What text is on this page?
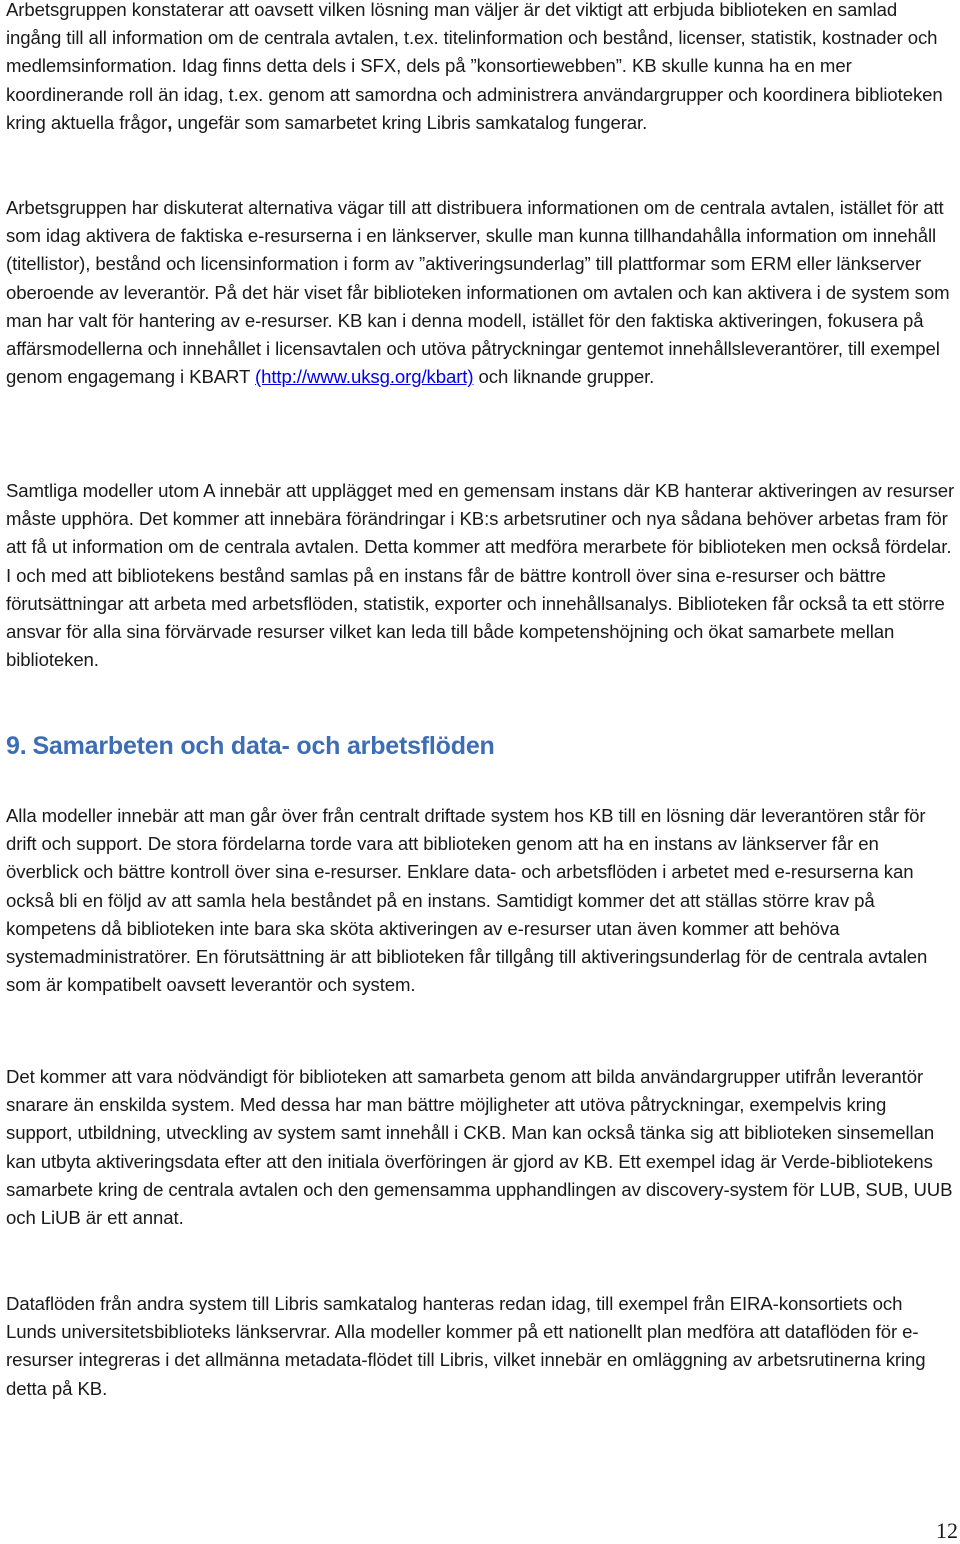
Arbetsgruppen konstaterar att oavsett vilken lösning man väljer är det viktigt att erbjuda biblioteken en samlad ingång till all information om de centrala avtalen, t.ex. titelinformation och bestånd, licenser, statistik, kostnader och medlemsinformation. Idag finns detta dels i SFX, dels på ”konsortiewebben”. KB skulle kunna ha en mer koordinerande roll än idag, t.ex. genom att samordna och administrera användargrupper och koordinera biblioteken kring aktuella frågor, ungefär som samarbetet kring Libris samkatalog fungerar.

Arbetsgruppen har diskuterat alternativa vägar till att distribuera informationen om de centrala avtalen, istället för att som idag aktivera de faktiska e-resurserna i en länkserver, skulle man kunna tillhandahålla information om innehåll (titellistor), bestånd och licensinformation i form av ”aktiveringsunderlag” till plattformar som ERM eller länkserver oberoende av leverantör. På det här viset får biblioteken informationen om avtalen och kan aktivera i de system som man har valt för hantering av e-resurser. KB kan i denna modell, istället för den faktiska aktiveringen, fokusera på affärsmodellerna och innehållet i licensavtalen och utöva påtryckningar gentemot innehållsleverantörer, till exempel genom engagemang i KBART (http://www.uksg.org/kbart) och liknande grupper.

Samtliga modeller utom A innebär att upplägget med en gemensam instans där KB hanterar aktiveringen av resurser måste upphöra. Det kommer att innebära förändringar i KB:s arbetsrutiner och nya sådana behöver arbetas fram för att få ut information om de centrala avtalen. Detta kommer att medföra merarbete för biblioteken men också fördelar. I och med att bibliotekens bestånd samlas på en instans får de bättre kontroll över sina e-resurser och bättre förutsättningar att arbeta med arbetsflöden, statistik, exporter och innehållsanalys. Biblioteken får också ta ett större ansvar för alla sina förvärvade resurser vilket kan leda till både kompetenshöjning och ökat samarbete mellan biblioteken.

9. Samarbeten och data- och arbetsflöden

Alla modeller innebär att man går över från centralt driftade system hos KB till en lösning där leverantören står för drift och support. De stora fördelarna torde vara att biblioteken genom att ha en instans av länkserver får en överblick och bättre kontroll över sina e-resurser. Enklare data- och arbetsflöden i arbetet med e-resurserna kan också bli en följd av att samla hela beståndet på en instans. Samtidigt kommer det att ställas större krav på kompetens då biblioteken inte bara ska sköta aktiveringen av e-resurser utan även kommer att behöva systemadministratörer. En förutsättning är att biblioteken får tillgång till aktiveringsunderlag för de centrala avtalen som är kompatibelt oavsett leverantör och system.

Det kommer att vara nödvändigt för biblioteken att samarbeta genom att bilda användargrupper utifrån leverantör snarare än enskilda system. Med dessa har man bättre möjligheter att utöva påtryckningar, exempelvis kring support, utbildning, utveckling av system samt innehåll i CKB. Man kan också tänka sig att biblioteken sinsemellan kan utbyta aktiveringsdata efter att den initiala överföringen är gjord av KB. Ett exempel idag är Verde-bibliotekens samarbete kring de centrala avtalen och den gemensamma upphandlingen av discovery-system för LUB, SUB, UUB och LiUB är ett annat.

Dataflöden från andra system till Libris samkatalog hanteras redan idag, till exempel från EIRA-konsortiets och Lunds universitetsbiblioteks länkservrar. Alla modeller kommer på ett nationellt plan medföra att dataflöden för e-resurser integreras i det allmänna metadata-flödet till Libris, vilket innebär en omläggning av arbetsrutinerna kring detta på KB.

12
